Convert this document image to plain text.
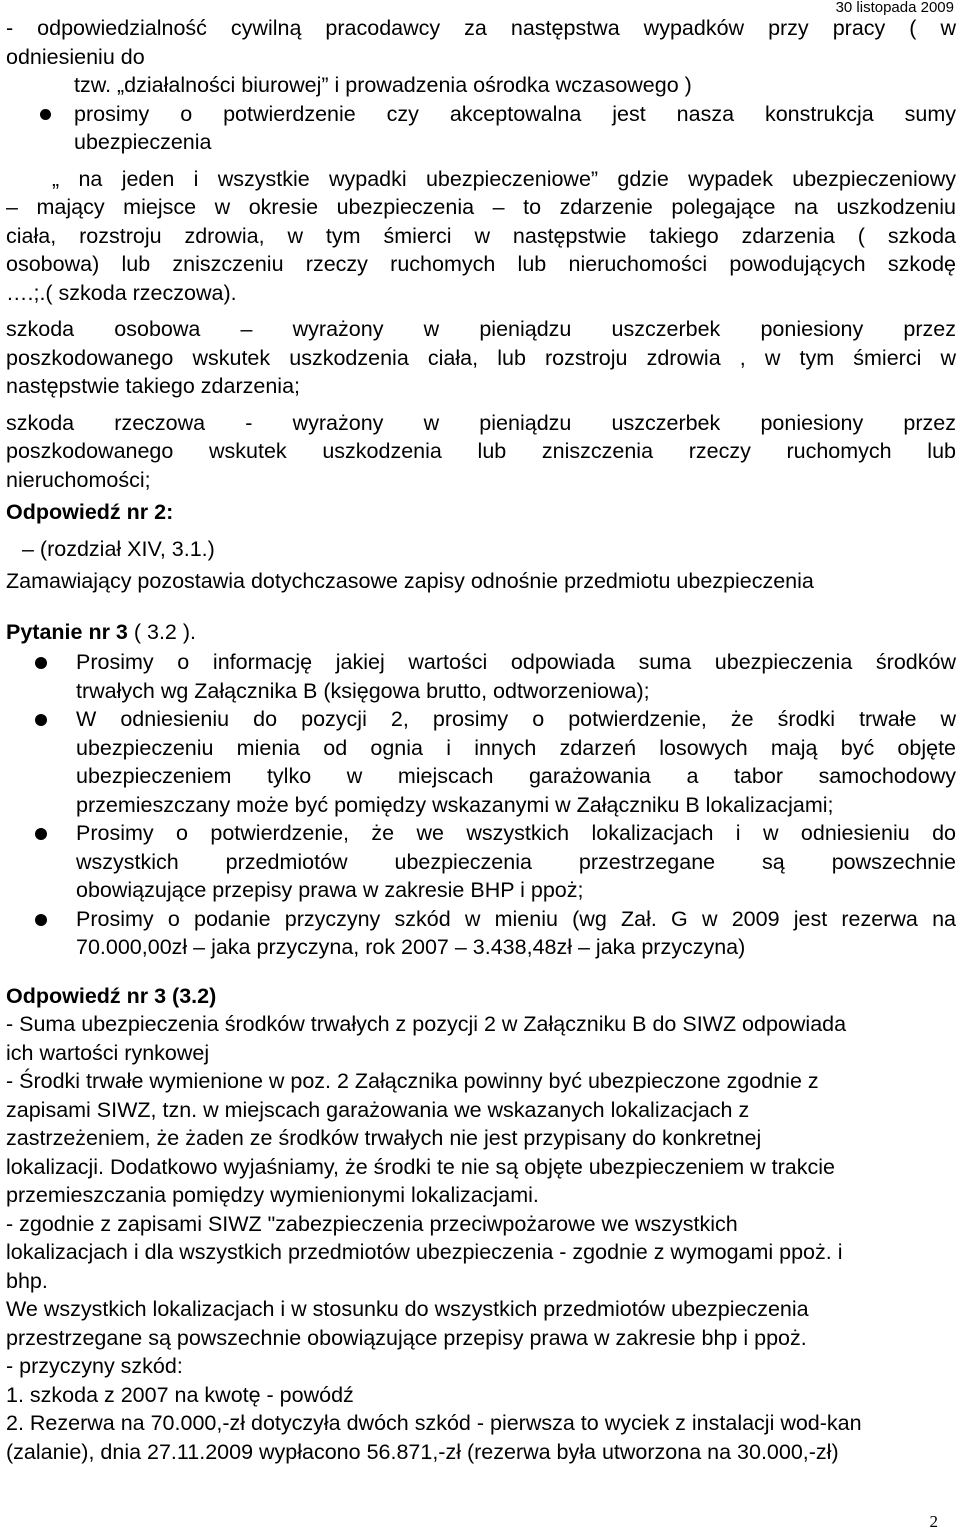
30 listopada 2009
- odpowiedzialność cywilną pracodawcy za następstwa wypadków przy pracy ( w
odniesieniu do
tzw. „działalności biurowej” i prowadzenia ośrodka wczasowego )
prosimy o potwierdzenie czy akceptowalna jest nasza konstrukcja sumy
ubezpieczenia
„ na jeden i wszystkie wypadki ubezpieczeniowe” gdzie wypadek ubezpieczeniowy
– mający miejsce w okresie ubezpieczenia – to zdarzenie polegające na uszkodzeniu
ciała, rozstroju zdrowia, w tym śmierci w następstwie takiego zdarzenia ( szkoda
osobowa) lub zniszczeniu rzeczy ruchomych lub nieruchomości powodujących szkodę
….;.( szkoda rzeczowa).
szkoda osobowa – wyrażony w pieniądzu uszczerbek poniesiony przez
poszkodowanego wskutek uszkodzenia ciała, lub rozstroju zdrowia , w tym śmierci w
następstwie takiego zdarzenia;
szkoda rzeczowa - wyrażony w pieniądzu uszczerbek poniesiony przez
poszkodowanego wskutek uszkodzenia lub zniszczenia rzeczy ruchomych lub
nieruchomości;
Odpowiedź nr 2:
– (rozdział XIV, 3.1.)
Zamawiający pozostawia dotychczasowe zapisy odnośnie przedmiotu ubezpieczenia
Pytanie nr 3 ( 3.2 ).
Prosimy o informację jakiej wartości odpowiada suma ubezpieczenia środków
trwałych wg Załącznika B (księgowa brutto, odtworzeniowa);
W odniesieniu do pozycji 2, prosimy o potwierdzenie, że środki trwałe w
ubezpieczeniu mienia od ognia i innych zdarzeń losowych mają być objęte
ubezpieczeniem tylko w miejscach garażowania a tabor samochodowy
przemieszczany może być pomiędzy wskazanymi w Załączniku B lokalizacjami;
Prosimy o potwierdzenie, że we wszystkich lokalizacjach i w odniesieniu do
wszystkich przedmiotów ubezpieczenia przestrzegane są powszechnie
obowiązujące przepisy prawa w zakresie BHP i ppoż;
Prosimy o podanie przyczyny szkód w mieniu (wg Zał. G w 2009 jest rezerwa na
70.000,00zł – jaka przyczyna, rok 2007 – 3.438,48zł – jaka przyczyna)
Odpowiedź nr 3 (3.2)
- Suma ubezpieczenia środków trwałych z pozycji 2 w Załączniku B do SIWZ odpowiada
ich wartości rynkowej
- Środki trwałe wymienione w poz. 2 Załącznika powinny być ubezpieczone zgodnie z
zapisami SIWZ, tzn. w miejscach garażowania we wskazanych lokalizacjach z
zastrzeżeniem, że żaden ze środków trwałych nie jest przypisany do konkretnej
lokalizacji. Dodatkowo wyjaśniamy, że środki te nie są objęte ubezpieczeniem w trakcie
przemieszczania pomiędzy wymienionymi lokalizacjami.
- zgodnie z zapisami SIWZ "zabezpieczenia przeciwpożarowe we wszystkich
lokalizacjach i dla wszystkich przedmiotów ubezpieczenia - zgodnie z wymogami ppoż. i
bhp.
We wszystkich lokalizacjach i w stosunku do wszystkich przedmiotów ubezpieczenia
przestrzegane są powszechnie obowiązujące przepisy prawa w zakresie bhp i ppoż.
- przyczyny szkód:
1. szkoda z 2007 na kwotę - powódź
2. Rezerwa na 70.000,-zł dotyczyła dwóch szkód - pierwsza to wyciek z instalacji wod-kan
(zalanie), dnia 27.11.2009 wypłacono 56.871,-zł (rezerwa była utworzona na 30.000,-zł)
2
